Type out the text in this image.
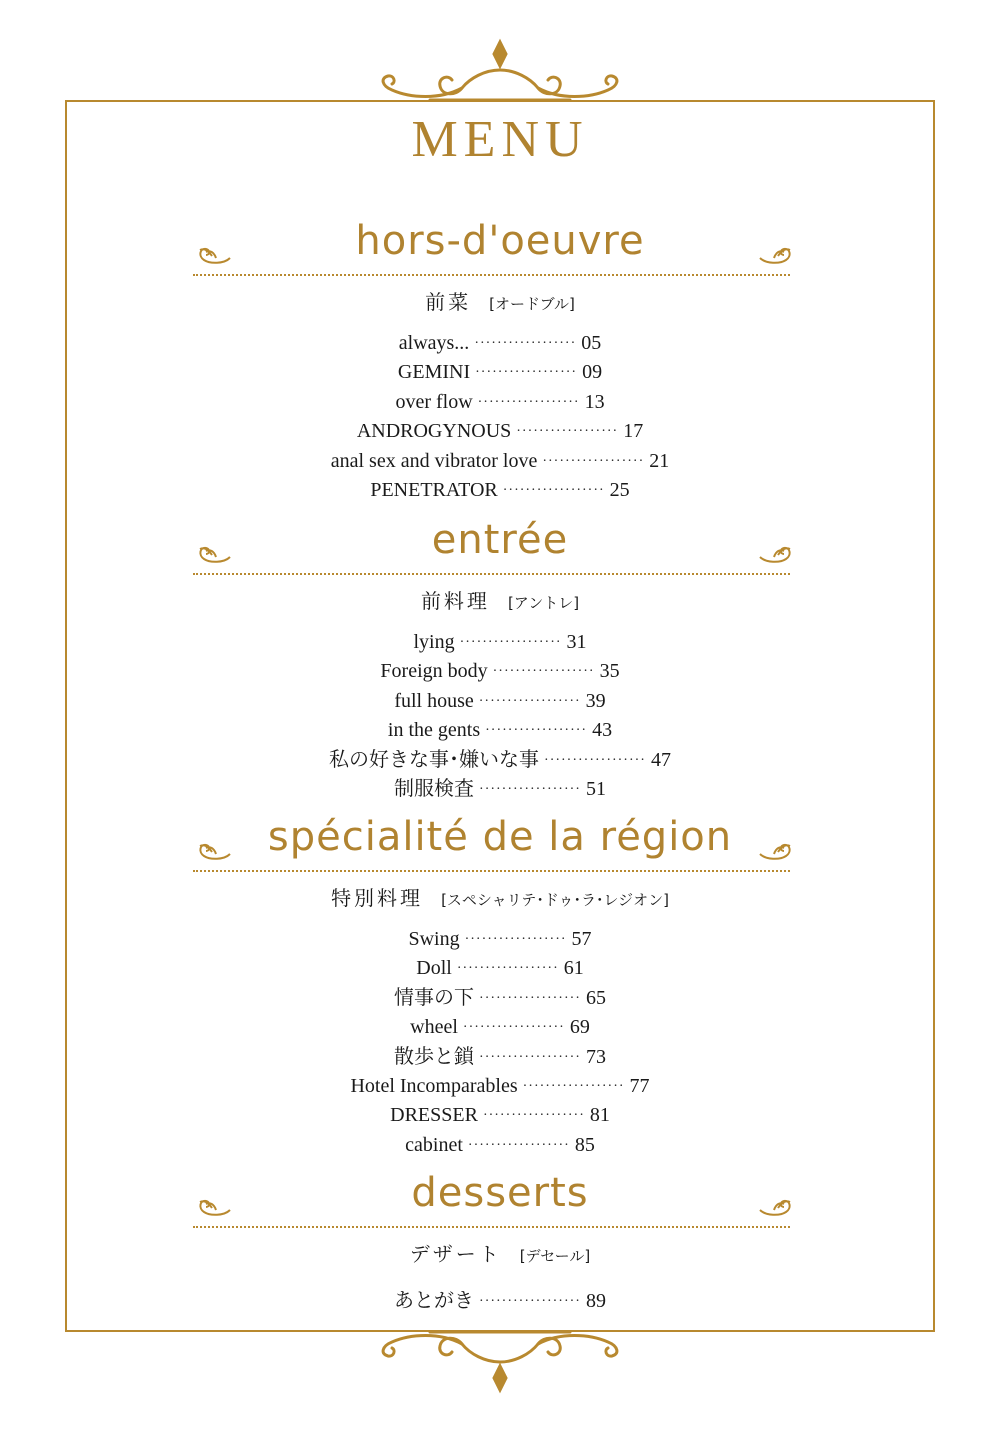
MENU
hors-d'oeuvre
前菜 [オードブル]
always... ·················· 05
GEMINI ·················· 09
over flow ·················· 13
ANDROGYNOUS ·················· 17
anal sex and vibrator love ·················· 21
PENETRATOR ·················· 25
entrée
前料理 [アントレ]
lying ·················· 31
Foreign body ·················· 35
full house ·················· 39
in the gents ·················· 43
私の好きな事･嫌いな事 ·················· 47
制服検査 ·················· 51
spécialité de la région
特別料理 [スペシャリテ･ドゥ･ラ･レジオン]
Swing ·················· 57
Doll ·················· 61
情事の下 ·················· 65
wheel ·················· 69
散歩と鎖 ·················· 73
Hotel Incomparables ·················· 77
DRESSER ·················· 81
cabinet ·················· 85
desserts
デザート [デセール]
あとがき ·················· 89
